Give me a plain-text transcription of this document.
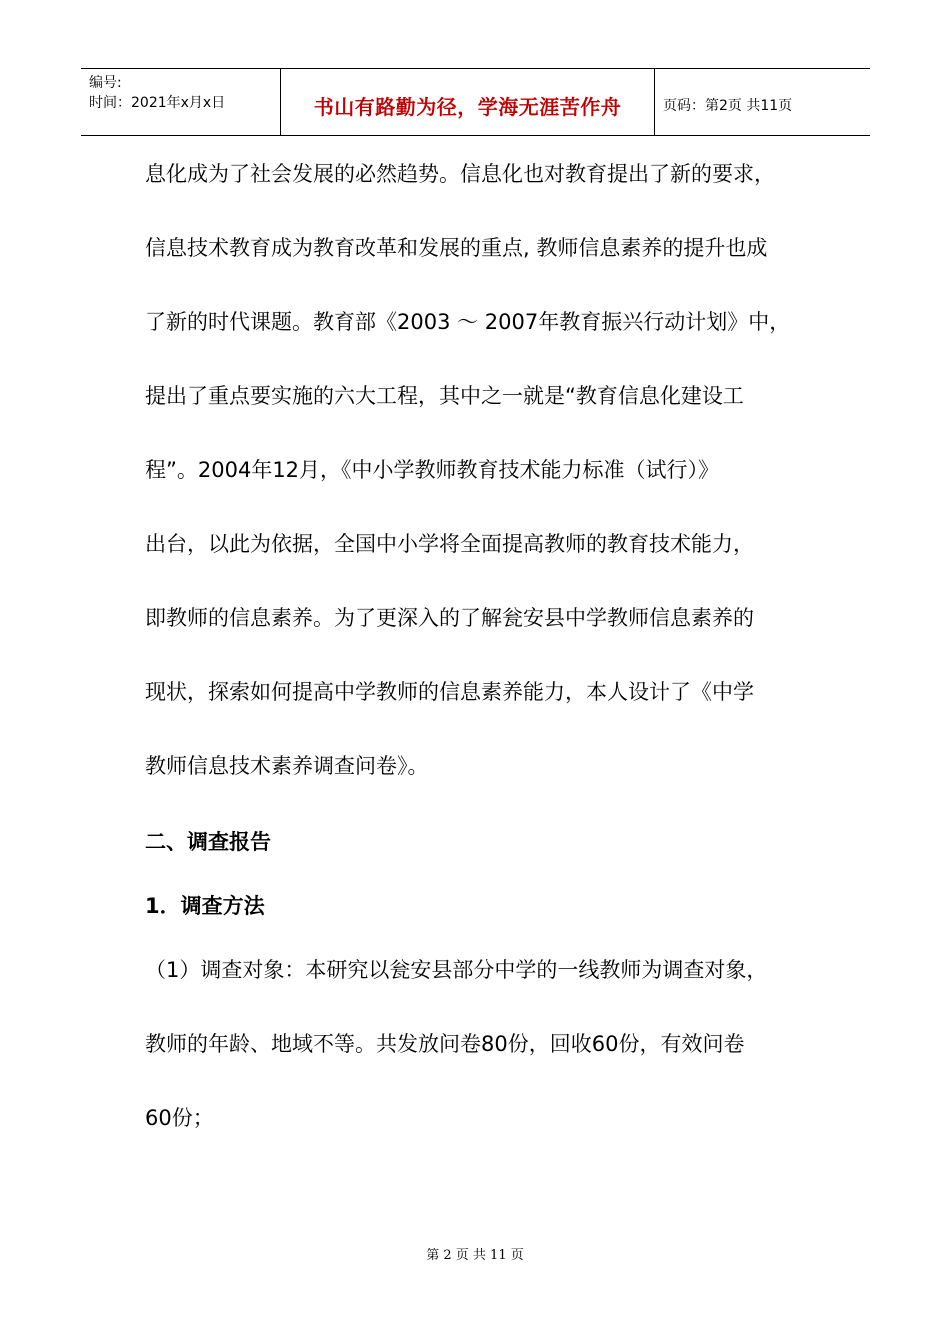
编号:
时间：2021年x月x日	书山有路勤为径，学海无涯苦作舟	页码：第2页 共11页
息化成为了社会发展的必然趋势。信息化也对教育提出了新的要求，
信息技术教育成为教育改革和发展的重点, 教师信息素养的提升也成
了新的时代课题。教育部《2003 ～ 2007年教育振兴行动计划》中，
提出了重点要实施的六大工程，其中之一就是“教育信息化建设工
程”。2004年12月，《中小学教师教育技术能力标准（试行）》
出台，以此为依据，全国中小学将全面提高教师的教育技术能力，
即教师的信息素养。为了更深入的了解瓮安县中学教师信息素养的
现状，探索如何提高中学教师的信息素养能力，本人设计了《中学
教师信息技术素养调查问卷》。
二、调查报告
1．调查方法
（1）调查对象：本研究以瓮安县部分中学的一线教师为调查对象，
教师的年龄、地域不等。共发放问卷80份，回收60份，有效问卷
60份；
第 2 页 共 11 页
